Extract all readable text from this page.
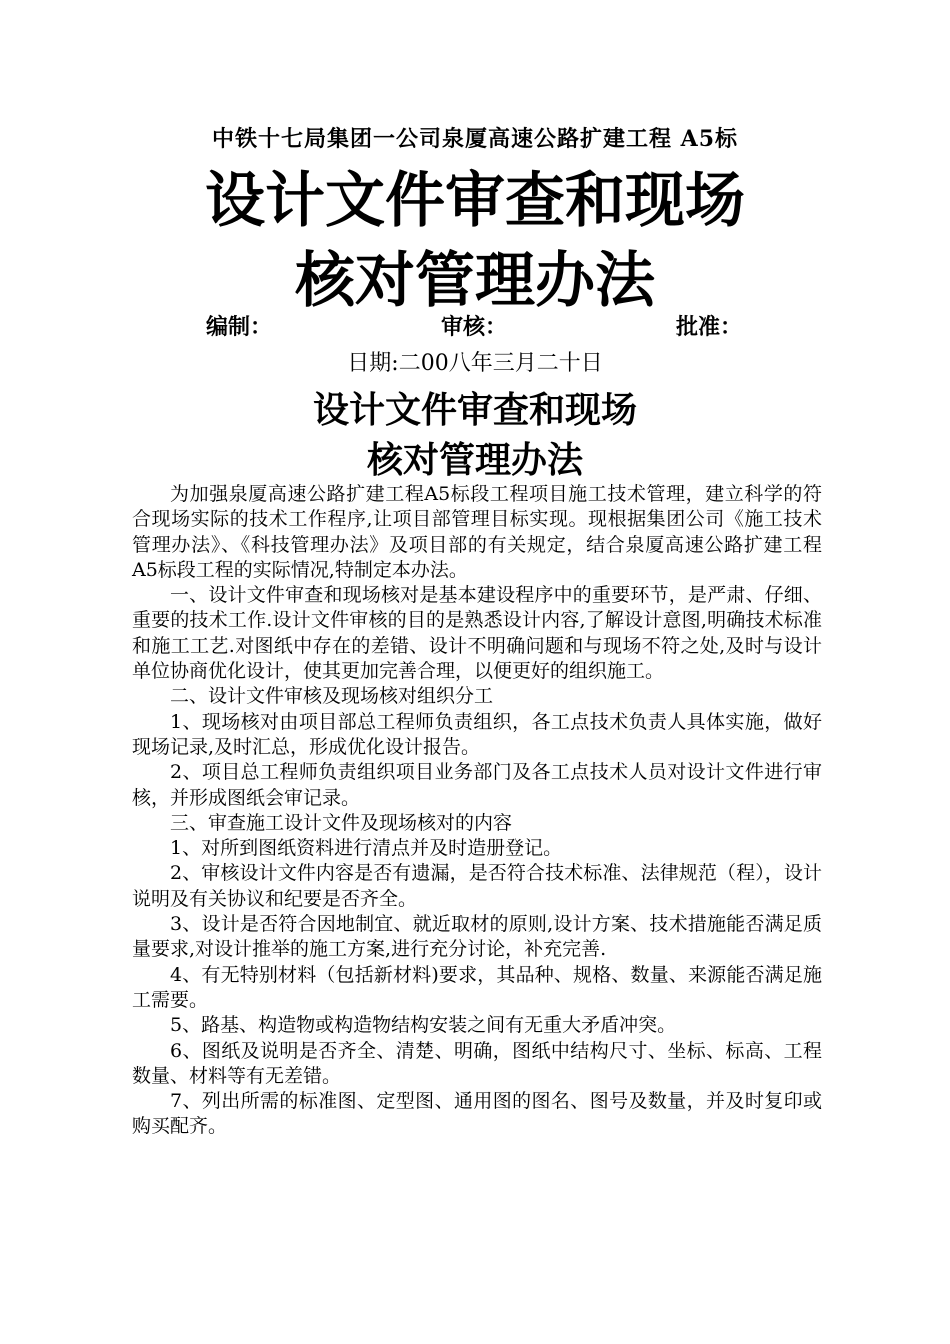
中铁十七局集团一公司泉厦高速公路扩建工程 A5标
设计文件审查和现场
核对管理办法
编制：	审核：	批准：
日期:二00八年三月二十日
设计文件审查和现场
核对管理办法

为加强泉厦高速公路扩建工程A5标段工程项目施工技术管理，建立科学的符合现场实际的技术工作程序,让项目部管理目标实现。现根据集团公司《施工技术管理办法》、《科技管理办法》及项目部的有关规定，结合泉厦高速公路扩建工程A5标段工程的实际情况,特制定本办法。

一、设计文件审查和现场核对是基本建设程序中的重要环节，是严肃、仔细、重要的技术工作.设计文件审核的目的是熟悉设计内容,了解设计意图,明确技术标准和施工工艺.对图纸中存在的差错、设计不明确问题和与现场不符之处,及时与设计单位协商优化设计，使其更加完善合理，以便更好的组织施工。

二、设计文件审核及现场核对组织分工

1、现场核对由项目部总工程师负责组织，各工点技术负责人具体实施，做好现场记录,及时汇总，形成优化设计报告。

2、项目总工程师负责组织项目业务部门及各工点技术人员对设计文件进行审核，并形成图纸会审记录。

三、审查施工设计文件及现场核对的内容

1、对所到图纸资料进行清点并及时造册登记。

2、审核设计文件内容是否有遗漏，是否符合技术标准、法律规范（程），设计说明及有关协议和纪要是否齐全。

3、设计是否符合因地制宜、就近取材的原则,设计方案、技术措施能否满足质量要求,对设计推举的施工方案,进行充分讨论，补充完善.

4、有无特别材料（包括新材料)要求，其品种、规格、数量、来源能否满足施工需要。

5、路基、构造物或构造物结构安装之间有无重大矛盾冲突。

6、图纸及说明是否齐全、清楚、明确，图纸中结构尺寸、坐标、标高、工程数量、材料等有无差错。

7、列出所需的标准图、定型图、通用图的图名、图号及数量，并及时复印或购买配齐。
